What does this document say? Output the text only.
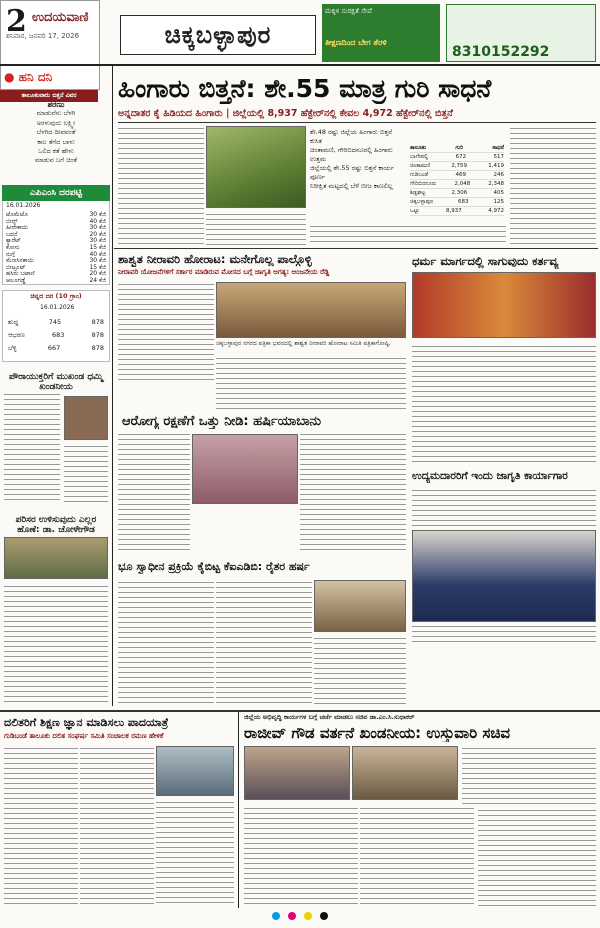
2 ಉದಯವಾಣಿ
ಶನಿವಾರ, ಜನವರಿ 17, 2026	ಚಿಕ್ಕಬಳ್ಳಾಪುರ
ಮಕ್ಕಳ ಸುರಕ್ಷತೆ ಸೇವೆ
ತೀಕ್ಷಣದಿಂದ ಬೇಗ ತೆರಳಿ
8310152292
● ಹನಿ ದನಿ
ಶರಣು
ಮಾಡುವೆನು ಬೆಳಗಿ
ಅರಳುವುದು ಲಕ್ಷ್ಮೀ
ಬೆಳಗಿದ ದೀಪವಂತೆ
ಕಾಲ ತೆಗೆದ ಬಾಳು
ಒಲಿದ ಕತೆ ಹೇಳು
ಮಾಡುವ ಬಗೆ ಚಿಂತೆ
ಎಪಿಎಂಸಿ ದರಪಟ್ಟಿ
16.01.2026
ಟೊಮೆಟೊ	30 ಕೆಜಿ
ಬೀನ್ಸ್	40 ಕೆಜಿ
ಹೀರೇಕಾಯಿ	30 ಕೆಜಿ
ಬದನೆ	20 ಕೆಜಿ
ಕ್ಯಾರೆಟ್	30 ಕೆಜಿ
ಕೋಸು	15 ಕೆಜಿ
ನುಗ್ಗೆ	40 ಕೆಜಿ
ಮೆಣಸಿನಕಾಯಿ	30 ಕೆಜಿ
ಬೀಟ್ರೂಟ್	15 ಕೆಜಿ
ಹಸಿರು ಬಟಾಣಿ	20 ಕೆಜಿ
ಆಲೂಗಡ್ಡೆ	24 ಕೆಜಿ
ಚಿನ್ನದ ದರ (10 ಗ್ರಾಂ)
16.01.2026
ಶುದ್ಧ	745	878
ಆಭರಣ	683	878
ಬೆಳ್ಳಿ	667	878
ಪೌರಾಯುಕ್ತರಿಗೆ ಮುಖಂಡ ಧಮ್ಮಿ ಖಂಡನೀಯ
ಪರಿಸರ ಉಳಿಸುವುದು ಎಲ್ಲರ ಹೊಣೆ: ಡಾ. ಚೋಳೇಗೌಡ
ಹಿಂಗಾರು ಬಿತ್ತನೆ: ಶೇ.55 ಮಾತ್ರ ಗುರಿ ಸಾಧನೆ
ಅನ್ನದಾತರ ಕೈ ಹಿಡಿಯದ ಹಿಂಗಾರು | ಜಿಲ್ಲೆಯಲ್ಲಿ 8,937 ಹೆಕ್ಟೇರ್‌ನಲ್ಲಿ ಕೇವಲ 4,972 ಹೆಕ್ಟೇರ್‌ನಲ್ಲಿ ಬಿತ್ತನೆ
ಶೇ.48 ರಷ್ಟು ಜಿಲ್ಲೆಯ ಹಿಂಗಾರು ಬಿತ್ತನೆ ಕುಸಿತ
ಚಿಂತಾಮಣಿ, ಗೌರಿಬಿದನೂರಲ್ಲಿ ಹಿಂಗಾರು ಉತ್ತಮ
ಜಿಲ್ಲೆಯಲ್ಲಿ ಶೇ.55 ರಷ್ಟು ಬಿತ್ತನೆ ಕಾರ್ಯ ಪೂರ್ಣ
ನಿರೀಕ್ಷಿತ ಮಟ್ಟದಲ್ಲಿ ಬೆಳೆ ಬೀಜ ಕಾಣಲಿಲ್ಲ
ತಾಲೂಕುವಾರು ಬಿತ್ತನೆ ವಿವರ
ತಾಲೂಕು	ಗುರಿ	ಸಾಧನೆ
ಬಾಗೇಪಲ್ಲಿ	672	517
ಚಿಂತಾಮಣಿ	2,759	1,419
ಗುಡಿಬಂಡೆ	469	246
ಗೌರಿಬಿದನೂರು	2,048	2,348
ಶಿಡ್ಲಘಟ್ಟ	2,306	405
ಚಿಕ್ಕಬಳ್ಳಾಪುರ	683	125
ಒಟ್ಟು	8,937	4,972
ಶಾಶ್ವತ ನೀರಾವರಿ ಹೋರಾಟ: ಮನೇಗೊಲ್ಲ ಪಾಲ್ಗೊಳ್ಳಿ
ನೀರಾವರಿ ಯೋಜನೆಗಳಿಗೆ ಸರ್ಕಾರ ಮಾಡಿರುವ ಮೋಸದ ಬಗ್ಗೆ ಜಾಗೃತಿ ಅಗತ್ಯ: ಆಂಜನೇಯ ರೆಡ್ಡಿ
ಚಿಕ್ಕಬಳ್ಳಾಪುರ ನಗರದ ಪತ್ರಿಕಾ ಭವನದಲ್ಲಿ ಶಾಶ್ವತ ನೀರಾವರಿ ಹೋರಾಟ ಸಮಿತಿ ಪತ್ರಿಕಾಗೋಷ್ಠಿ.
ಧರ್ಮ ಮಾರ್ಗದಲ್ಲಿ ಸಾಗುವುದು ಕರ್ತವ್ಯ
ಆರೋಗ್ಯ ರಕ್ಷಣೆಗೆ ಒತ್ತು ನೀಡಿ: ಹರ್ಷಿಯಾಬಾನು
ಉದ್ಯಮದಾರರಿಗೆ ಇಂದು ಜಾಗೃತಿ ಕಾರ್ಯಾಗಾರ
ಭೂ ಸ್ವಾಧೀನ ಪ್ರಕ್ರಿಯೆ ಕೈಬಿಟ್ಟ ಕೆಐಎಡಿಬಿ: ರೈತರ ಹರ್ಷ
ದಲಿತರಿಗೆ ಶಿಕ್ಷಣ ಜ್ಞಾನ ಮಾಡಿಸಲು ಪಾದಯಾತ್ರೆ
ಗುಡಿಬಂಡೆ ತಾಲೂಕು ದಲಿತ ಸಂಘರ್ಷ ಸಮಿತಿ ಸಂಚಾಲಕ ರಮಣ ಹೇಳಿಕೆ
ಜಿಲ್ಲೆಯ ಅಭಿವೃದ್ಧಿ ಕಾರ್ಯಗಳ ಬಗ್ಗೆ ಚರ್ಚೆ ಮಾಡಲು ಸಚಿವ ಡಾ.ಎಂ.ಸಿ.ಸುಧಾಕರ್
ರಾಜೀವ್ ಗೌಡ ವರ್ತನೆ ಖಂಡನೀಯ: ಉಸ್ತುವಾರಿ ಸಚಿವ
